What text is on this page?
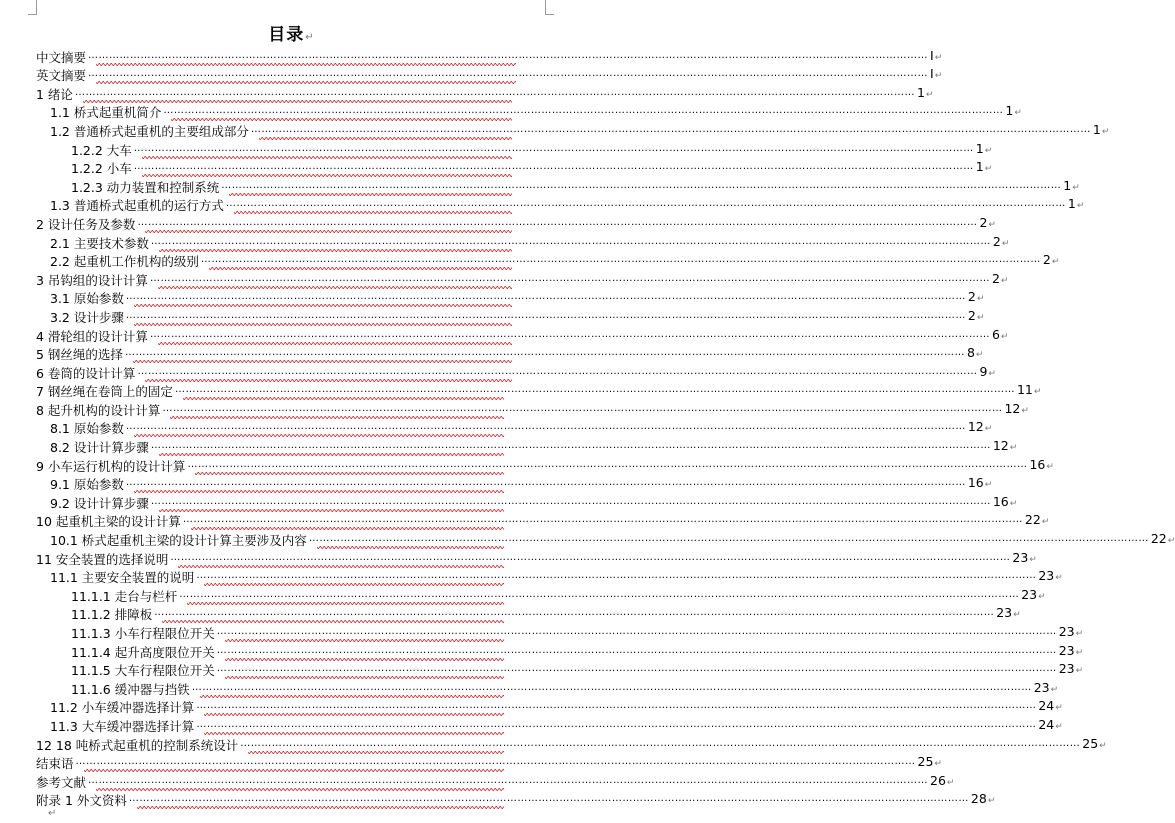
目录↵
中文摘要 …………………………………………………………………………………………………………………………………………………………………………………………………………………… I↵
英文摘要 …………………………………………………………………………………………………………………………………………………………………………………………………………………… I↵
1 绪论 …………………………………………………………………………………………………………………………………………………………………………………………………………………… 1↵
1.1 桥式起重机简介 …………………………………………………………………………………………………………………………………………………………………………………………………………………… 1↵
1.2 普通桥式起重机的主要组成部分 …………………………………………………………………………………………………………………………………………………………………………………………………………………… 1↵
1.2.2 大车 …………………………………………………………………………………………………………………………………………………………………………………………………………………… 1↵
1.2.2 小车 …………………………………………………………………………………………………………………………………………………………………………………………………………………… 1↵
1.2.3 动力装置和控制系统 …………………………………………………………………………………………………………………………………………………………………………………………………………………… 1↵
1.3 普通桥式起重机的运行方式 …………………………………………………………………………………………………………………………………………………………………………………………………………………… 1↵
2 设计任务及参数 …………………………………………………………………………………………………………………………………………………………………………………………………………………… 2↵
2.1 主要技术参数 …………………………………………………………………………………………………………………………………………………………………………………………………………………… 2↵
2.2 起重机工作机构的级别 …………………………………………………………………………………………………………………………………………………………………………………………………………………… 2↵
3 吊钩组的设计计算 …………………………………………………………………………………………………………………………………………………………………………………………………………………… 2↵
3.1 原始参数 …………………………………………………………………………………………………………………………………………………………………………………………………………………… 2↵
3.2 设计步骤 …………………………………………………………………………………………………………………………………………………………………………………………………………………… 2↵
4 滑轮组的设计计算 …………………………………………………………………………………………………………………………………………………………………………………………………………………… 6↵
5 钢丝绳的选择 …………………………………………………………………………………………………………………………………………………………………………………………………………………… 8↵
6 卷筒的设计计算 …………………………………………………………………………………………………………………………………………………………………………………………………………………… 9↵
7 钢丝绳在卷筒上的固定 …………………………………………………………………………………………………………………………………………………………………………………………………………………… 11↵
8 起升机构的设计计算 …………………………………………………………………………………………………………………………………………………………………………………………………………………… 12↵
8.1 原始参数 …………………………………………………………………………………………………………………………………………………………………………………………………………………… 12↵
8.2 设计计算步骤 …………………………………………………………………………………………………………………………………………………………………………………………………………………… 12↵
9 小车运行机构的设计计算 …………………………………………………………………………………………………………………………………………………………………………………………………………………… 16↵
9.1 原始参数 …………………………………………………………………………………………………………………………………………………………………………………………………………………… 16↵
9.2 设计计算步骤 …………………………………………………………………………………………………………………………………………………………………………………………………………………… 16↵
10 起重机主梁的设计计算 …………………………………………………………………………………………………………………………………………………………………………………………………………………… 22↵
10.1 桥式起重机主梁的设计计算主要涉及内容 …………………………………………………………………………………………………………………………………………………………………………………………………………………… 22↵
11 安全装置的选择说明 …………………………………………………………………………………………………………………………………………………………………………………………………………………… 23↵
11.1 主要安全装置的说明 …………………………………………………………………………………………………………………………………………………………………………………………………………………… 23↵
11.1.1 走台与栏杆 …………………………………………………………………………………………………………………………………………………………………………………………………………………… 23↵
11.1.2 排障板 …………………………………………………………………………………………………………………………………………………………………………………………………………………… 23↵
11.1.3 小车行程限位开关 …………………………………………………………………………………………………………………………………………………………………………………………………………………… 23↵
11.1.4 起升高度限位开关 …………………………………………………………………………………………………………………………………………………………………………………………………………………… 23↵
11.1.5 大车行程限位开关 …………………………………………………………………………………………………………………………………………………………………………………………………………………… 23↵
11.1.6 缓冲器与挡铁 …………………………………………………………………………………………………………………………………………………………………………………………………………………… 23↵
11.2 小车缓冲器选择计算 …………………………………………………………………………………………………………………………………………………………………………………………………………………… 24↵
11.3 大车缓冲器选择计算 …………………………………………………………………………………………………………………………………………………………………………………………………………………… 24↵
12 18 吨桥式起重机的控制系统设计 …………………………………………………………………………………………………………………………………………………………………………………………………………………… 25↵
结束语 …………………………………………………………………………………………………………………………………………………………………………………………………………………… 25↵
参考文献 …………………………………………………………………………………………………………………………………………………………………………………………………………………… 26↵
附录 1 外文资料 …………………………………………………………………………………………………………………………………………………………………………………………………………………… 28↵
↵
